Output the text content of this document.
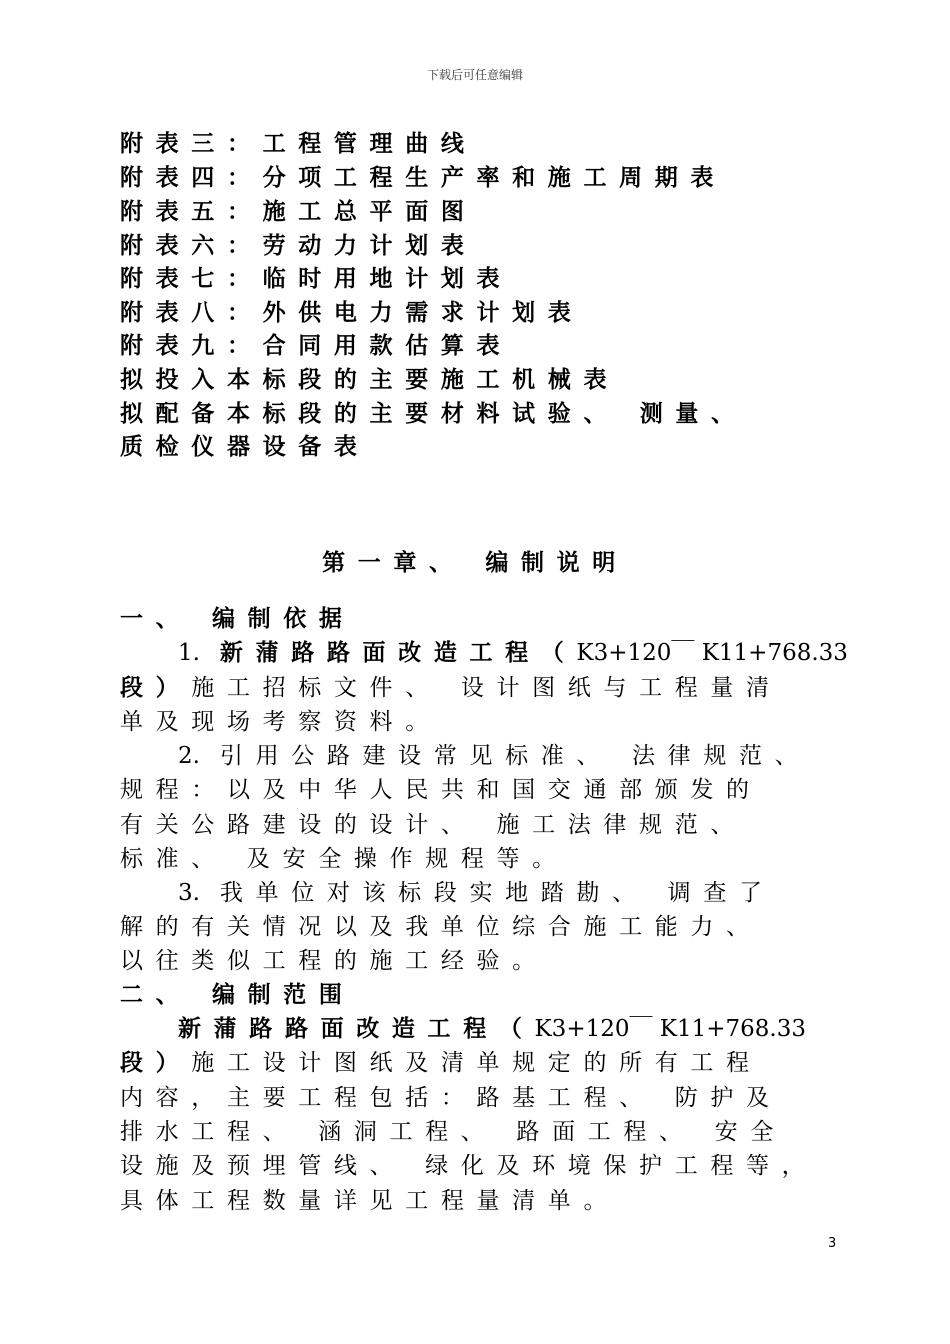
下载后可任意编辑
附表三：工程管理曲线
附表四：分项工程生产率和施工周期表
附表五：施工总平面图
附表六：劳动力计划表
附表七：临时用地计划表
附表八：外供电力需求计划表
附表九：合同用款估算表
拟投入本标段的主要施工机械表
拟配备本标段的主要材料试验、 测量、
质检仪器设备表
第一章、 编制说明
一、 编制依据
1. 新蒲路路面改造工程（K3+120￣ K11+768.33
段）施工招标文件、 设计图纸与工程量清
单及现场考察资料。
2. 引用公路建设常见标准、 法律规范、
规程：以及中华人民共和国交通部颁发的
有关公路建设的设计、 施工法律规范、
标准、 及安全操作规程等。
3. 我单位对该标段实地踏勘、 调查了
解的有关情况以及我单位综合施工能力、
以往类似工程的施工经验。
二、 编制范围
新蒲路路面改造工程（K3+120￣ K11+768.33
段）施工设计图纸及清单规定的所有工程
内容，主要工程包括：路基工程、 防护及
排水工程、 涵洞工程、 路面工程、 安全
设施及预埋管线、 绿化及环境保护工程等，
具体工程数量详见工程量清单。
3
